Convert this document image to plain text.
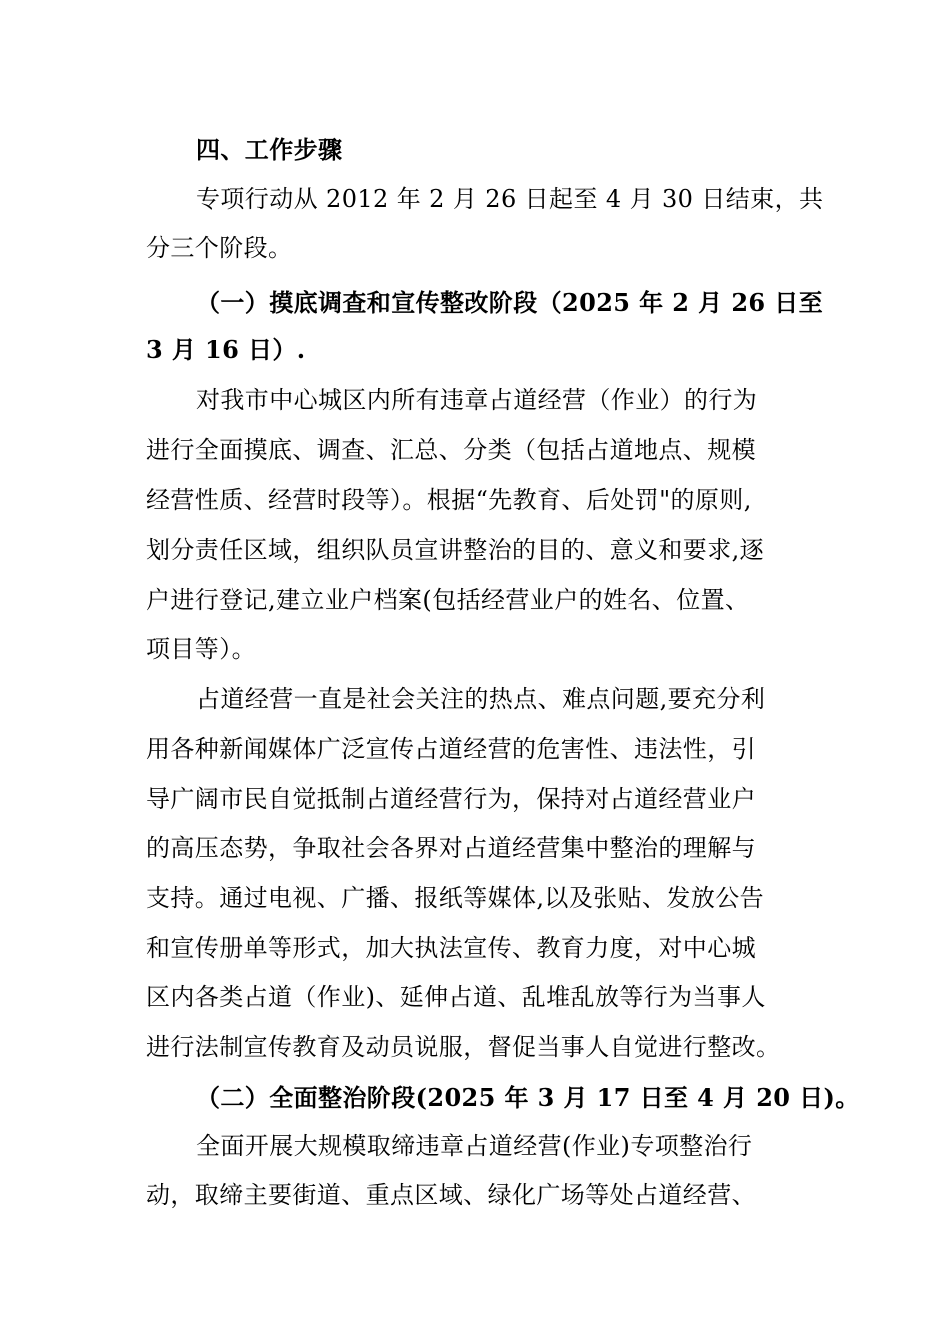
四、工作步骤
专项行动从 2012 年 2 月 26 日起至 4 月 30 日结束，共
分三个阶段。
（一）摸底调查和宣传整改阶段（2025 年 2 月 26 日至
3 月 16 日）.
对我市中心城区内所有违章占道经营（作业）的行为
进行全面摸底、调查、汇总、分类（包括占道地点、规模
经营性质、经营时段等）。根据“先教育、后处罚"的原则,
划分责任区域，组织队员宣讲整治的目的、意义和要求,逐
户进行登记,建立业户档案(包括经营业户的姓名、位置、
项目等）。
占道经营一直是社会关注的热点、难点问题,要充分利
用各种新闻媒体广泛宣传占道经营的危害性、违法性，引
导广阔市民自觉抵制占道经营行为，保持对占道经营业户
的高压态势，争取社会各界对占道经营集中整治的理解与
支持。通过电视、广播、报纸等媒体,以及张贴、发放公告
和宣传册单等形式，加大执法宣传、教育力度，对中心城
区内各类占道（作业)、延伸占道、乱堆乱放等行为当事人
进行法制宣传教育及动员说服，督促当事人自觉进行整改。
（二）全面整治阶段(2025 年 3 月 17 日至 4 月 20 日)。
全面开展大规模取缔违章占道经营(作业)专项整治行
动，取缔主要街道、重点区域、绿化广场等处占道经营、
